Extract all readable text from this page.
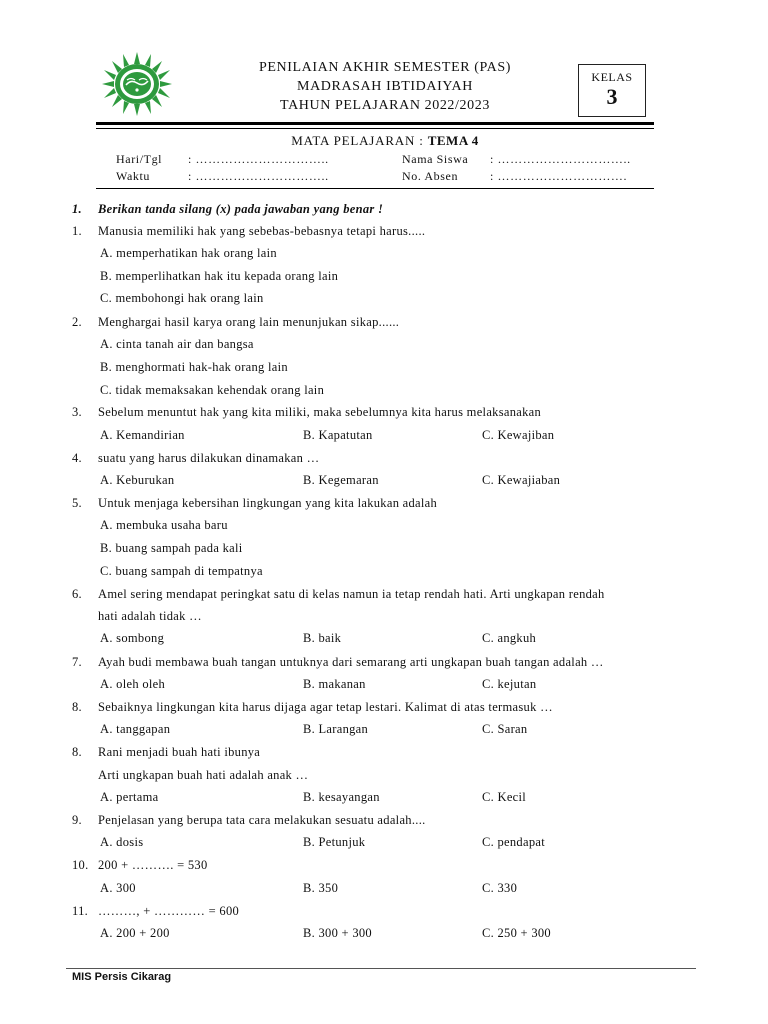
PENILAIAN AKHIR SEMESTER (PAS)
MADRASAH IBTIDAIYAH
TAHUN PELAJARAN 2022/2023
KELAS
3
MATA PELAJARAN : TEMA 4
Hari/Tgl : …………………………..
Waktu	: …………………………..
Nama Siswa : …………………………..
No. Absen	: ………………………….
1. Berikan tanda silang (x) pada jawaban yang benar !
1. Manusia memiliki hak yang sebebas-bebasnya tetapi harus.....
A. memperhatikan hak orang lain
B. memperlihatkan hak itu kepada orang lain
C. membohongi hak orang lain
2. Menghargai hasil karya orang lain menunjukan sikap......
A. cinta tanah air dan bangsa
B. menghormati hak-hak orang lain
C. tidak memaksakan kehendak orang lain
3. Sebelum menuntut hak yang kita miliki, maka sebelumnya kita harus melaksanakan
A. Kemandirian	B. Kapatutan	C. Kewajiban
4. suatu yang harus dilakukan dinamakan …
A. Keburukan	B. Kegemaran	C. Kewajiaban
5. Untuk menjaga kebersihan lingkungan yang kita lakukan adalah
A. membuka usaha baru
B. buang sampah pada kali
C. buang sampah di tempatnya
6. Amel sering mendapat peringkat satu di kelas namun ia tetap rendah hati. Arti ungkapan rendah
hati adalah tidak …
A. sombong	B. baik	C. angkuh
7. Ayah budi membawa buah tangan untuknya dari semarang arti ungkapan buah tangan adalah …
A. oleh oleh	B. makanan	C. kejutan
8. Sebaiknya lingkungan kita harus dijaga agar tetap lestari. Kalimat di atas termasuk …
A. tanggapan	B. Larangan	C. Saran
8. Rani menjadi buah hati ibunya
Arti ungkapan buah hati adalah anak …
A. pertama	B. kesayangan	C. Kecil
9. Penjelasan yang berupa tata cara melakukan sesuatu adalah....
A. dosis	B. Petunjuk	C. pendapat
10. 200 + ………. = 530
A. 300	B. 350	C. 330
11. ………, + ………… = 600
A. 200 + 200	B. 300 + 300	C. 250 + 300
MIS Persis Cikarag
